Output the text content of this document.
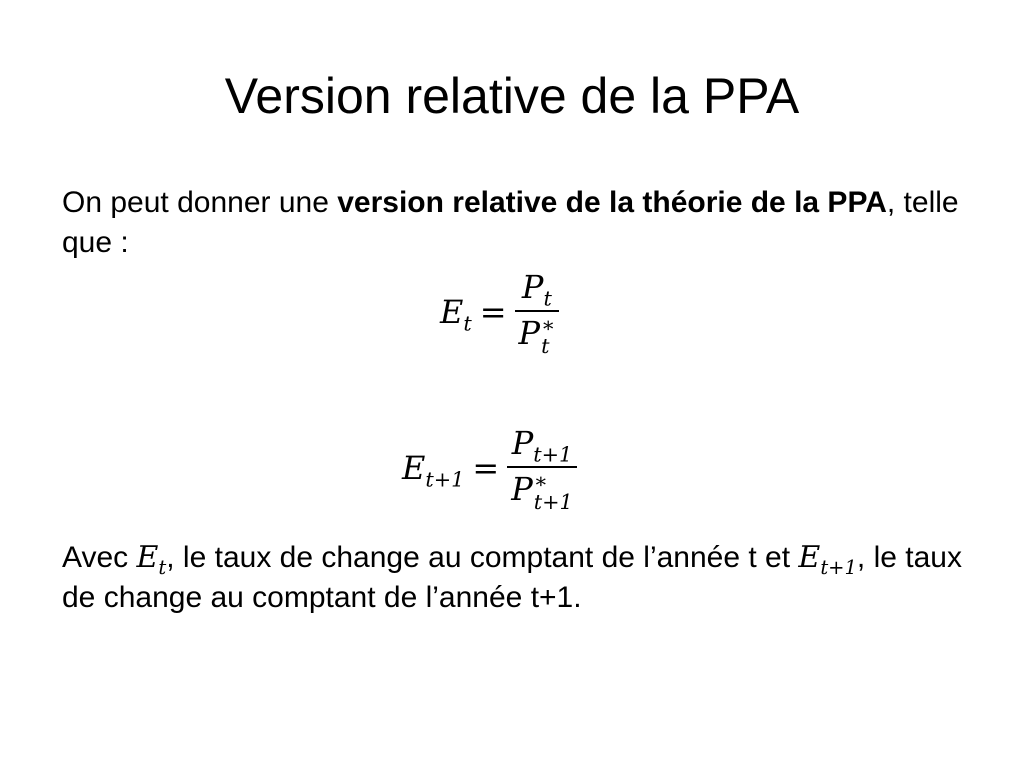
Version relative de la PPA

On peut donner une version relative de la théorie de la PPA, telle que :

$E_t = P_t$
P ∗
t
$E_{t+1} = P_{t+1}$
P ∗
t+1

Avec $E_t$, le taux de change au comptant de l’année t et $E_{t+1}$, le taux de change au comptant de l’année t+1.
